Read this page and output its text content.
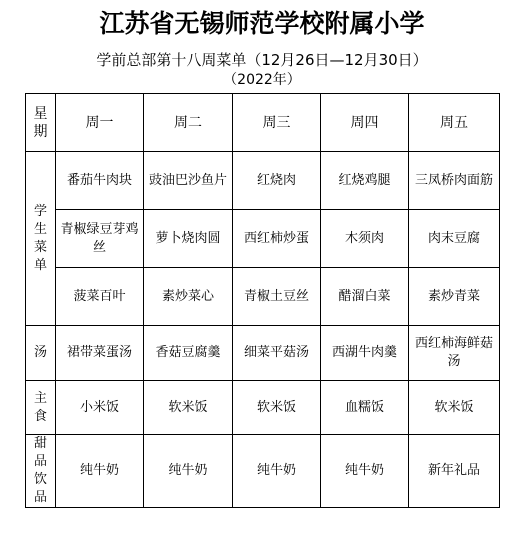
江苏省无锡师范学校附属小学
学前总部第十八周菜单（12月26日—12月30日）
（2022年）
星期	周一	周二	周三	周四	周五
学生菜单	番茄牛肉块	豉油巴沙鱼片	红烧肉	红烧鸡腿	三凤桥肉面筋
	青椒绿豆芽鸡丝	萝卜烧肉圆	西红柿炒蛋	木须肉	肉末豆腐
	菠菜百叶	素炒菜心	青椒土豆丝	醋溜白菜	素炒青菜
汤	裙带菜蛋汤	香菇豆腐羹	细菜平菇汤	西湖牛肉羹	西红柿海鲜菇汤
主食	小米饭	软米饭	软米饭	血糯饭	软米饭
甜品饮品	纯牛奶	纯牛奶	纯牛奶	纯牛奶	新年礼品
